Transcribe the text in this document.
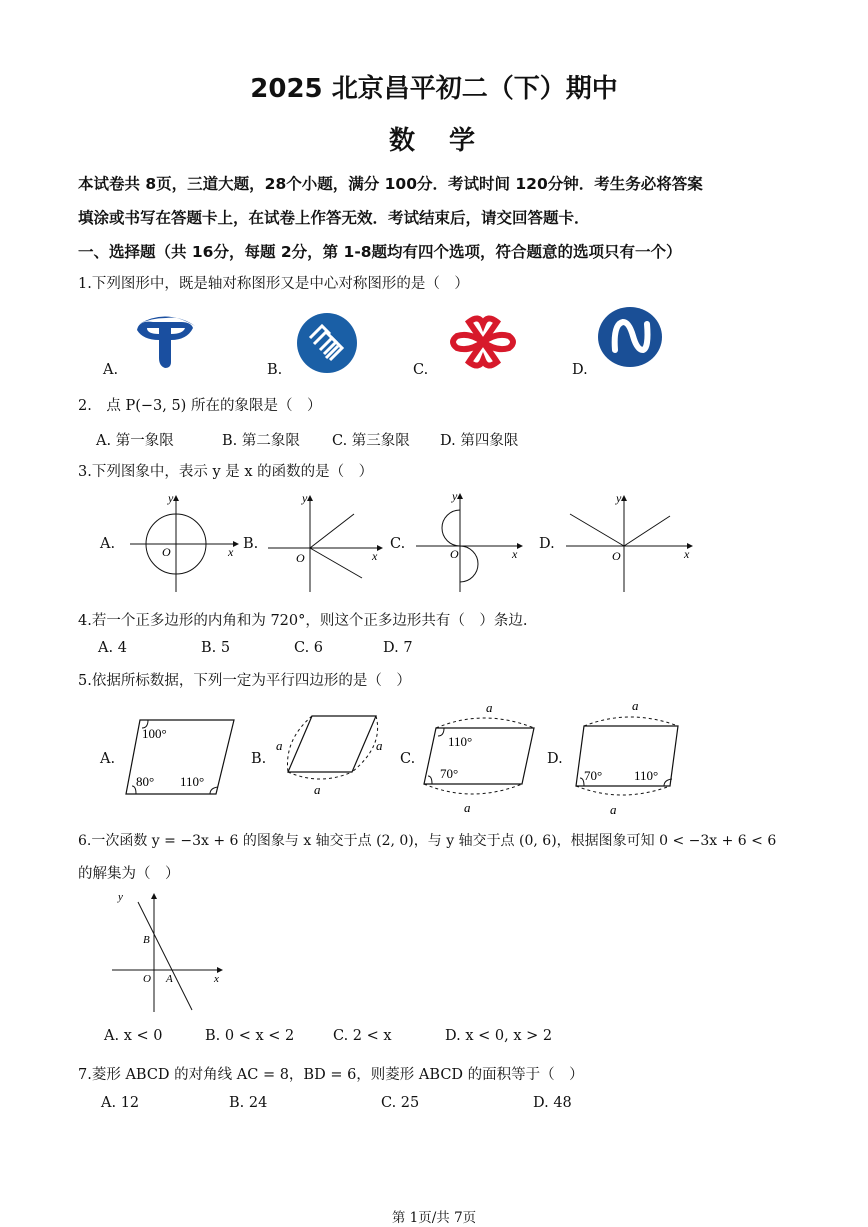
2025 北京昌平初二（下）期中
数　学
本试卷共 8页，三道大题，28个小题，满分 100分．考试时间 120分钟．考生务必将答案
填涂或书写在答题卡上，在试卷上作答无效．考试结束后，请交回答题卡．
一、选择题（共 16分，每题 2分，第 1-8题均有四个选项，符合题意的选项只有一个）
1.下列图形中，既是轴对称图形又是中心对称图形的是（　）
A.	B.	C.	D.
2.　点 P(−3, 5) 所在的象限是（　）
A. 第一象限	B. 第二象限 C. 第三象限 D. 第四象限
3.下列图象中，表示 y 是 x 的函数的是（　）
A.	B.	C.	D.
O	x
y
O	x
y
O	x
y
O	x
y
4.若一个正多边形的内角和为 720°，则这个正多边形共有（　）条边.
A. 4	B. 5	C. 6	D. 7
5.依据所标数据，下列一定为平行四边形的是（　）
A.	B.	C.	D.
100°
80° 110°
a	a
a
a
110°
70°
a
a
70° 110°
a
6.一次函数 y = −3x + 6 的图象与 x 轴交于点 (2, 0)，与 y 轴交于点 (0, 6)，根据图象可知 0 < −3x + 6 < 6
的解集为（　）
y
B
O A	x
A. x < 0	B. 0 < x < 2	C. 2 < x	D. x < 0, x > 2
7.菱形 ABCD 的对角线 AC = 8，BD = 6，则菱形 ABCD 的面积等于（　）
A. 12	B. 24	C. 25	D. 48
第 1页/共 7页
